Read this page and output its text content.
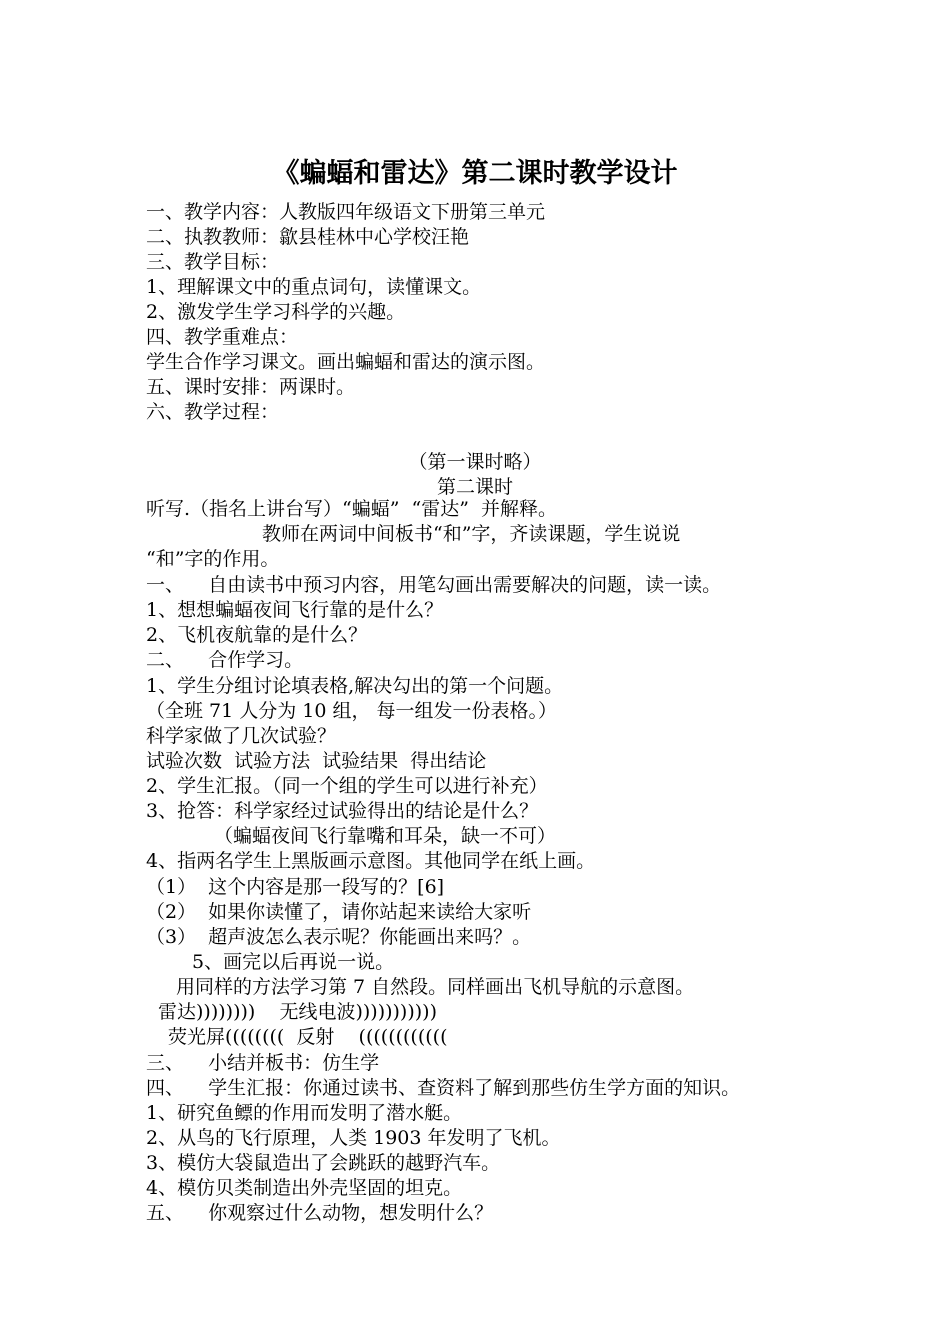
《蝙蝠和雷达》第二课时教学设计
一、教学内容：人教版四年级语文下册第三单元
二、执教教师：歙县桂林中心学校汪艳
三、教学目标：
1、理解课文中的重点词句，读懂课文。
2、激发学生学习科学的兴趣。
四、教学重难点：
学生合作学习课文。画出蝙蝠和雷达的演示图。
五、课时安排：两课时。
六、教学过程：
（第一课时略）
第二课时
听写.（指名上讲台写）“蝙蝠”  “雷达”  并解释。
教师在两词中间板书“和”字，齐读课题，学生说说
“和”字的作用。
一、    自由读书中预习内容，用笔勾画出需要解决的问题，读一读。
1、想想蝙蝠夜间飞行靠的是什么？
2、飞机夜航靠的是什么？
二、    合作学习。
1、学生分组讨论填表格,解决勾出的第一个问题。
（全班 71 人分为 10 组， 每一组发一份表格。）
科学家做了几次试验？
试验次数  试验方法  试验结果  得出结论
2、学生汇报。（同一个组的学生可以进行补充）
3、抢答：科学家经过试验得出的结论是什么？
（蝙蝠夜间飞行靠嘴和耳朵，缺一不可）
4、指两名学生上黑版画示意图。其他同学在纸上画。
（1）  这个内容是那一段写的？[6]
（2）  如果你读懂了，请你站起来读给大家听
（3）  超声波怎么表示呢？你能画出来吗？。
5、画完以后再说一说。
用同样的方法学习第 7 自然段。同样画出飞机导航的示意图。
雷达))))))))    无线电波)))))))))))
荧光屏((((((((  反射    ((((((((((((
三、    小结并板书：仿生学
四、    学生汇报：你通过读书、查资料了解到那些仿生学方面的知识。
1、研究鱼鳔的作用而发明了潜水艇。
2、从鸟的飞行原理，人类 1903 年发明了飞机。
3、模仿大袋鼠造出了会跳跃的越野汽车。
4、模仿贝类制造出外壳坚固的坦克。
五、    你观察过什么动物，想发明什么？
